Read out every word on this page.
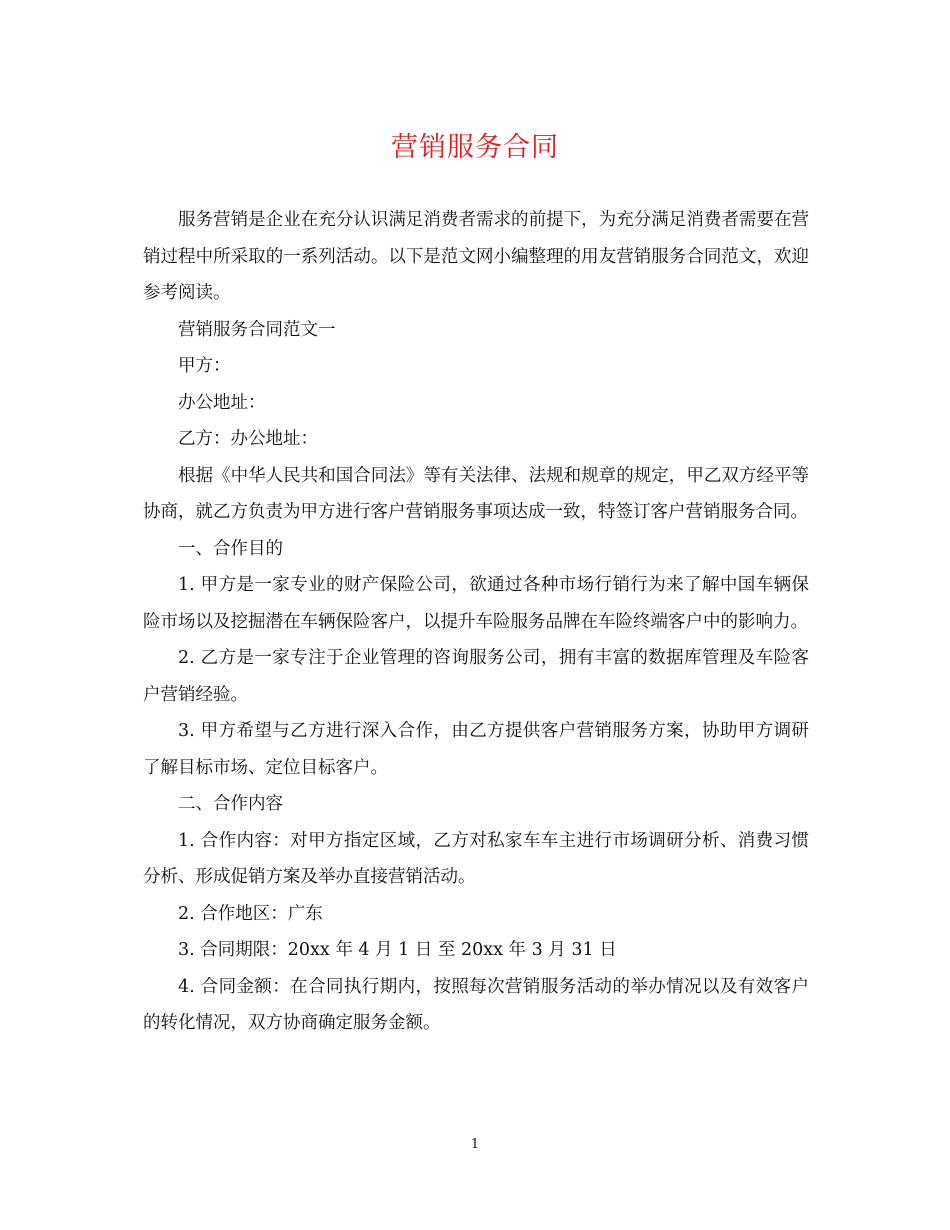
营销服务合同

服务营销是企业在充分认识满足消费者需求的前提下，为充分满足消费者需要在营销过程中所采取的一系列活动。以下是范文网小编整理的用友营销服务合同范文，欢迎参考阅读。

营销服务合同范文一

甲方：

办公地址：

乙方：办公地址：

根据《中华人民共和国合同法》等有关法律、法规和规章的规定，甲乙双方经平等协商，就乙方负责为甲方进行客户营销服务事项达成一致，特签订客户营销服务合同。

一、合作目的

1. 甲方是一家专业的财产保险公司，欲通过各种市场行销行为来了解中国车辆保险市场以及挖掘潜在车辆保险客户，以提升车险服务品牌在车险终端客户中的影响力。

2. 乙方是一家专注于企业管理的咨询服务公司，拥有丰富的数据库管理及车险客户营销经验。

3. 甲方希望与乙方进行深入合作，由乙方提供客户营销服务方案，协助甲方调研了解目标市场、定位目标客户。

二、合作内容

1. 合作内容：对甲方指定区域，乙方对私家车车主进行市场调研分析、消费习惯分析、形成促销方案及举办直接营销活动。

2. 合作地区：广东

3. 合同期限：20xx 年 4 月 1 日 至 20xx 年 3 月 31 日

4. 合同金额：在合同执行期内，按照每次营销服务活动的举办情况以及有效客户的转化情况，双方协商确定服务金额。

1
